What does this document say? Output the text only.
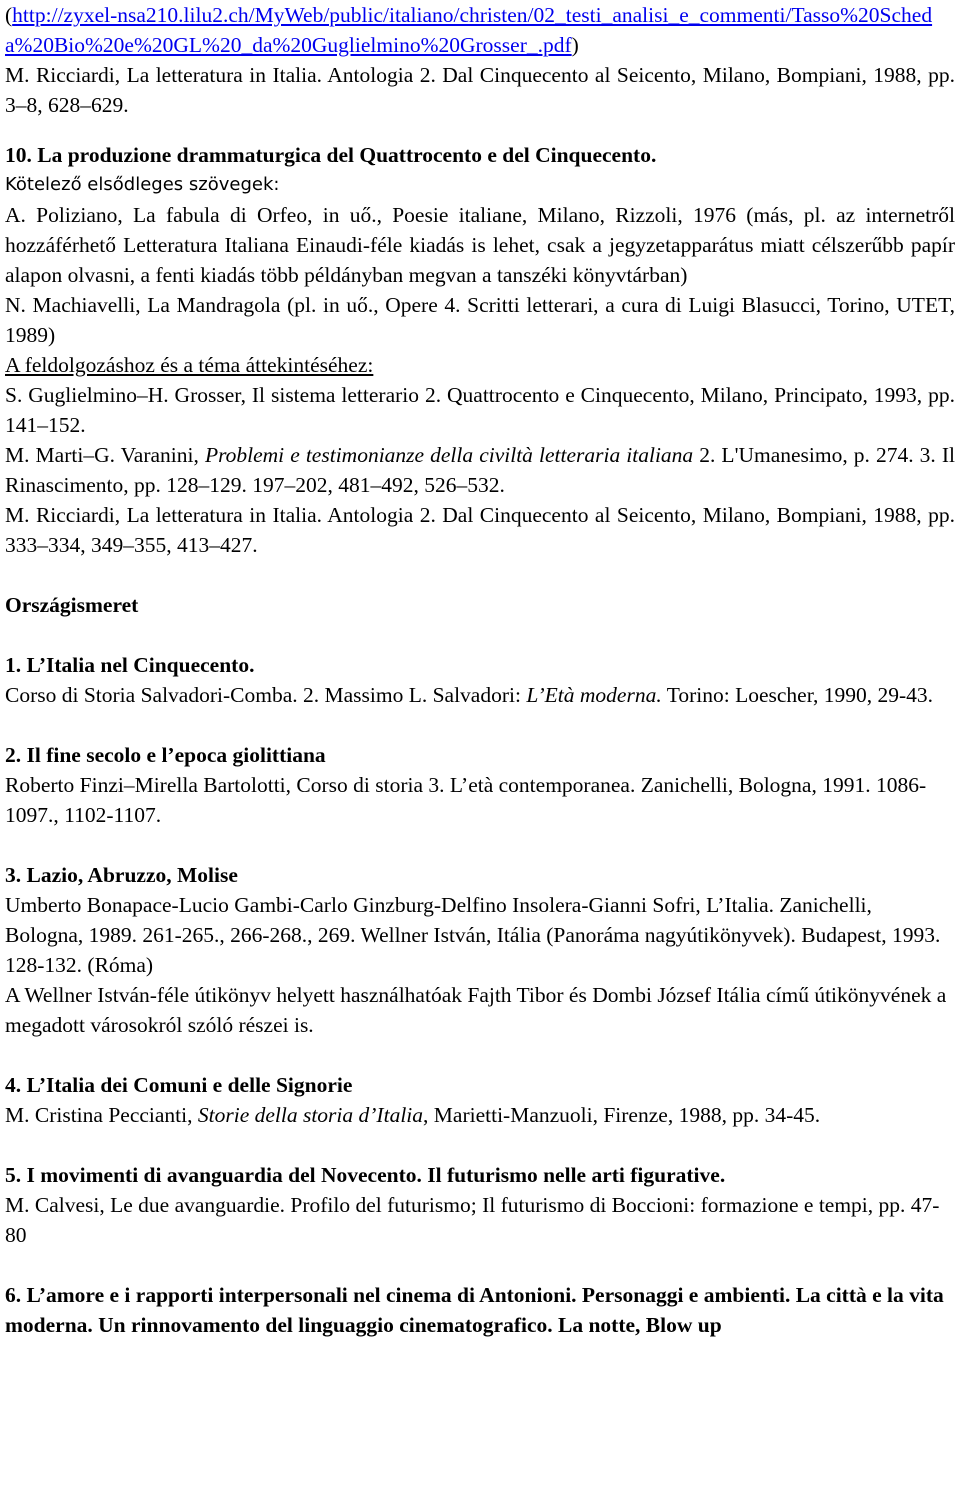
(http://zyxel-nsa210.lilu2.ch/MyWeb/public/italiano/christen/02_testi_analisi_e_commenti/Tasso%20Scheda%20Bio%20e%20GL%20_da%20Guglielmino%20Grosser_.pdf)

M. Ricciardi, La letteratura in Italia. Antologia 2. Dal Cinquecento al Seicento, Milano, Bompiani, 1988, pp. 3–8, 628–629.

10. La produzione drammaturgica del Quattrocento e del Cinquecento.

Kötelező elsődleges szövegek:

A. Poliziano, La fabula di Orfeo, in uő., Poesie italiane, Milano, Rizzoli, 1976 (más, pl. az internetről hozzáférhető Letteratura Italiana Einaudi-féle kiadás is lehet, csak a jegyzetapparátus miatt célszerűbb papír alapon olvasni, a fenti kiadás több példányban megvan a tanszéki könyvtárban)

N. Machiavelli, La Mandragola (pl. in uő., Opere 4. Scritti letterari, a cura di Luigi Blasucci, Torino, UTET, 1989)

A feldolgozáshoz és a téma áttekintéséhez:

S. Guglielmino–H. Grosser, Il sistema letterario 2. Quattrocento e Cinquecento, Milano, Principato, 1993, pp. 141–152.

M. Marti–G. Varanini, Problemi e testimonianze della civiltà letteraria italiana 2. L'Umanesimo, p. 274. 3. Il Rinascimento, pp. 128–129. 197–202, 481–492, 526–532.

M. Ricciardi, La letteratura in Italia. Antologia 2. Dal Cinquecento al Seicento, Milano, Bompiani, 1988, pp. 333–334, 349–355, 413–427.

Országismeret

1. L’Italia nel Cinquecento.

Corso di Storia Salvadori-Comba. 2. Massimo L. Salvadori: L’Età moderna. Torino: Loescher, 1990, 29-43.

2. Il fine secolo e l’epoca giolittiana

Roberto Finzi–Mirella Bartolotti, Corso di storia 3. L’età contemporanea. Zanichelli, Bologna, 1991. 1086-1097., 1102-1107.

3. Lazio, Abruzzo, Molise

Umberto Bonapace-Lucio Gambi-Carlo Ginzburg-Delfino Insolera-Gianni Sofri, L’Italia. Zanichelli, Bologna, 1989. 261-265., 266-268., 269. Wellner István, Itália (Panoráma nagyútikönyvek). Budapest, 1993. 128-132. (Róma)

A Wellner István-féle útikönyv helyett használhatóak Fajth Tibor és Dombi József Itália című útikönyvének a megadott városokról szóló részei is.

4. L’Italia dei Comuni e delle Signorie

M. Cristina Peccianti, Storie della storia d’Italia, Marietti-Manzuoli, Firenze, 1988, pp. 34-45.

5. I movimenti di avanguardia del Novecento. Il futurismo nelle arti figurative.

M. Calvesi, Le due avanguardie. Profilo del futurismo; Il futurismo di Boccioni: formazione e tempi, pp. 47-80

6. L’amore e i rapporti interpersonali nel cinema di Antonioni. Personaggi e ambienti. La città e la vita moderna. Un rinnovamento del linguaggio cinematografico. La notte, Blow up
